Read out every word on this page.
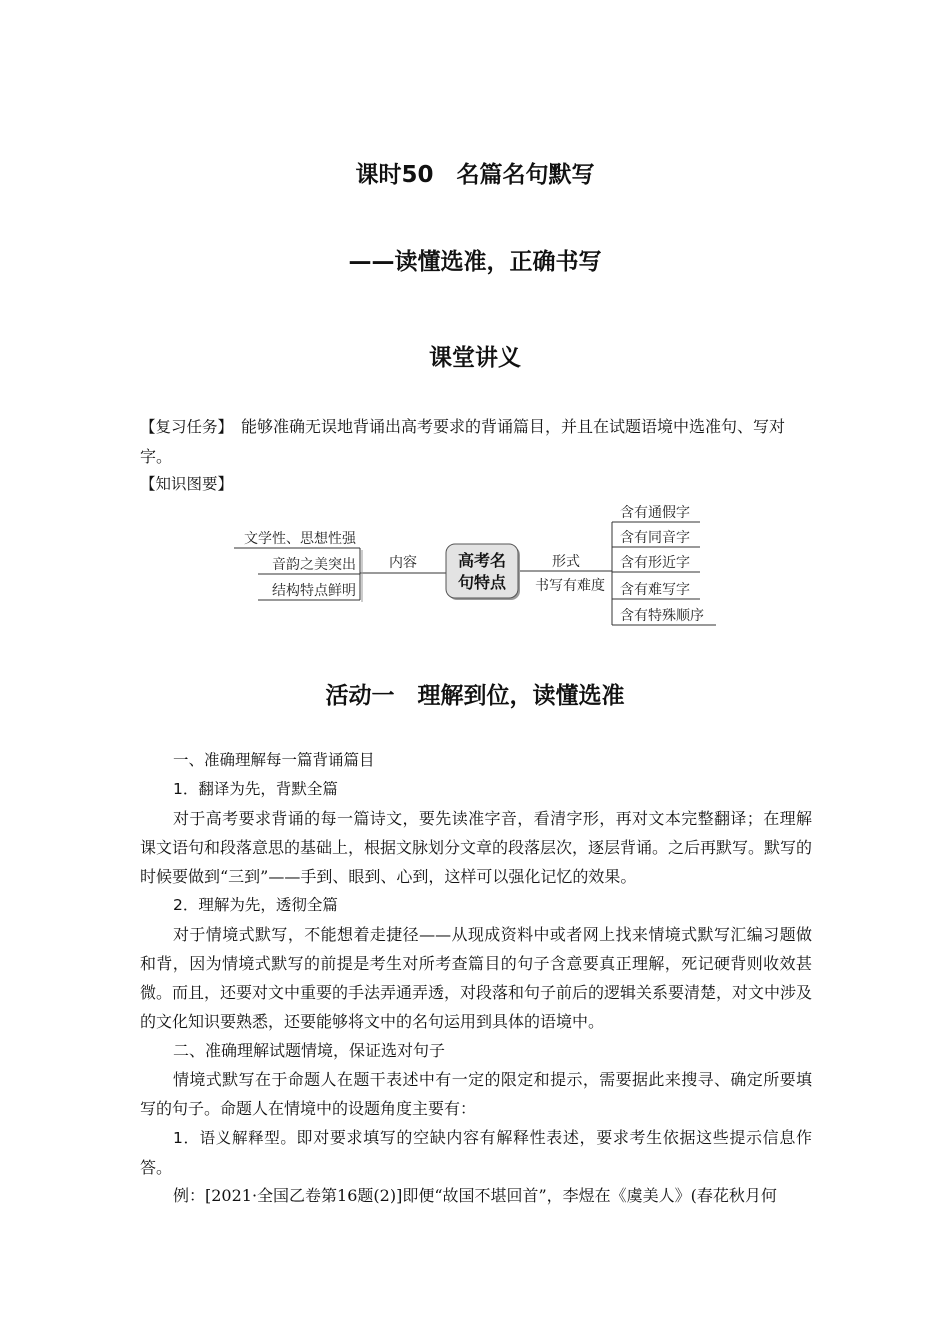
课时50　名篇名句默写
——读懂选准，正确书写
课堂讲义
【复习任务】 能够准确无误地背诵出高考要求的背诵篇目，并且在试题语境中选准句、写对
字。
【知识图要】
高考名
句特点
内容
文学性、思想性强
音韵之美突出
结构特点鲜明
形式
书写有难度
含有通假字
含有同音字
含有形近字
含有难写字
含有特殊顺序
活动一　理解到位，读懂选准
一、准确理解每一篇背诵篇目
1．翻译为先，背默全篇
对于高考要求背诵的每一篇诗文，要先读准字音，看清字形，再对文本完整翻译；在理解课文语句和段落意思的基础上，根据文脉划分文章的段落层次，逐层背诵。之后再默写。默写的时候要做到“三到”——手到、眼到、心到，这样可以强化记忆的效果。
2．理解为先，透彻全篇
对于情境式默写，不能想着走捷径——从现成资料中或者网上找来情境式默写汇编习题做和背，因为情境式默写的前提是考生对所考查篇目的句子含意要真正理解，死记硬背则收效甚微。而且，还要对文中重要的手法弄通弄透，对段落和句子前后的逻辑关系要清楚，对文中涉及的文化知识要熟悉，还要能够将文中的名句运用到具体的语境中。
二、准确理解试题情境，保证选对句子
情境式默写在于命题人在题干表述中有一定的限定和提示，需要据此来搜寻、确定所要填写的句子。命题人在情境中的设题角度主要有：
1．语义解释型。即对要求填写的空缺内容有解释性表述，要求考生依据这些提示信息作答。
例：[2021·全国乙卷第16题(2)]即便“故国不堪回首”，李煜在《虞美人》(春花秋月何
